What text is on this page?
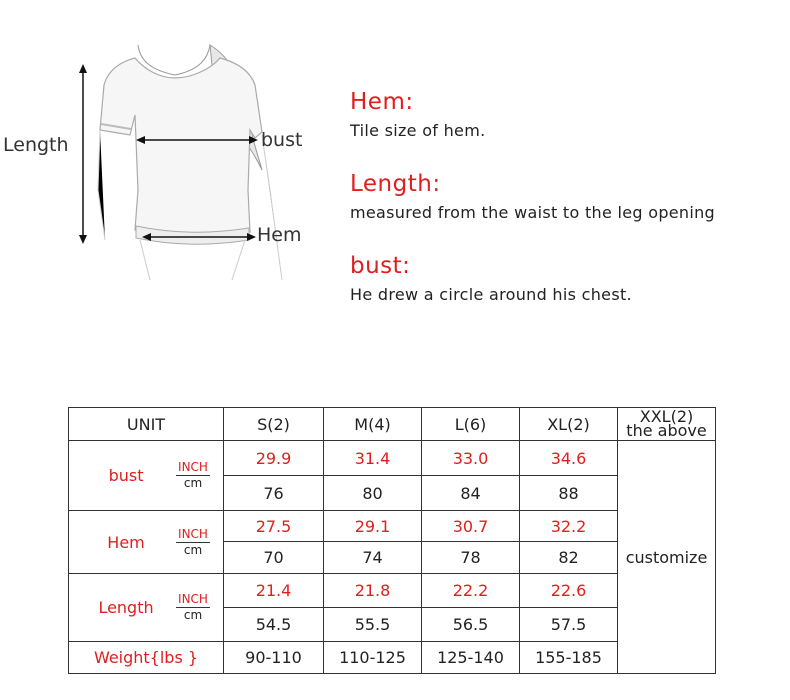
Length	bust
Hem
Hem:
Tile size of hem.
Length:
measured from the waist to the leg opening
bust:
He drew a circle around his chest.
UNIT	S(2)	M(4)	L(6)	XL(2)	XXL(2)
the above

bust $\frac{\text{INCH}}{cm}$	29.9	31.4	33.0	34.6	customize
	76	80	84	88	

Hem $\frac{\text{INCH}}{cm}$	27.5	29.1	30.7	32.2	
	70	74	78	82	

Length $\frac{\text{INCH}}{cm}$	21.4	21.8	22.2	22.6	
	54.5	55.5	56.5	57.5	
Weight{lbs }	90-110	110-125	125-140	155-185	
